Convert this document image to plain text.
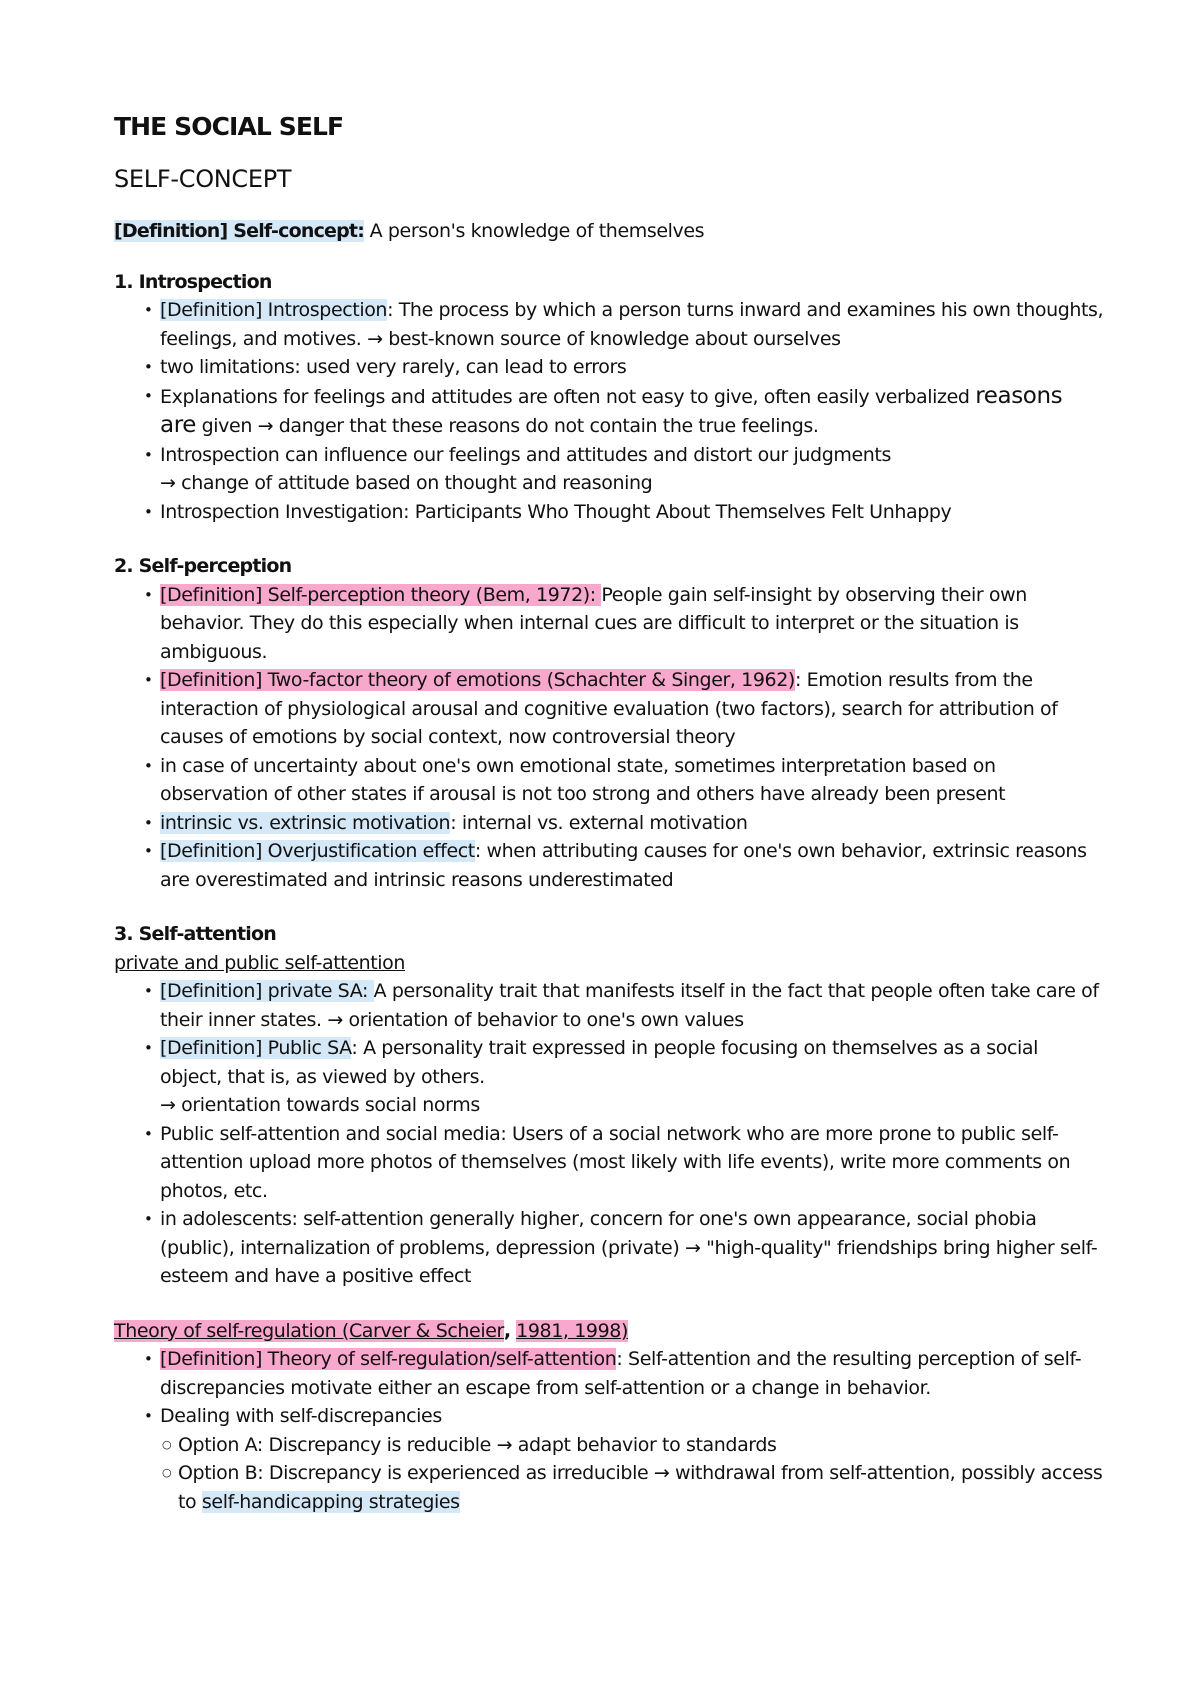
THE SOCIAL SELF
SELF-CONCEPT

[Definition] Self-concept: A person's knowledge of themselves

1. Introspection

• [Definition] Introspection: The process by which a person turns inward and examines his own thoughts, feelings, and motives. → best-known source of knowledge about ourselves
• two limitations: used very rarely, can lead to errors
• Explanations for feelings and attitudes are often not easy to give, often easily verbalized reasons are given → danger that these reasons do not contain the true feelings.
• Introspection can influence our feelings and attitudes and distort our judgments
→ change of attitude based on thought and reasoning
• Introspection Investigation: Participants Who Thought About Themselves Felt Unhappy

2. Self-perception

• [Definition] Self-perception theory (Bem, 1972): People gain self-insight by observing their own behavior. They do this especially when internal cues are difficult to interpret or the situation is ambiguous.
• [Definition] Two-factor theory of emotions (Schachter & Singer, 1962): Emotion results from the interaction of physiological arousal and cognitive evaluation (two factors), search for attribution of causes of emotions by social context, now controversial theory
• in case of uncertainty about one's own emotional state, sometimes interpretation based on observation of other states if arousal is not too strong and others have already been present
• intrinsic vs. extrinsic motivation: internal vs. external motivation
• [Definition] Overjustification effect: when attributing causes for one's own behavior, extrinsic reasons are overestimated and intrinsic reasons underestimated

3. Self-attention

private and public self-attention

• [Definition] private SA: A personality trait that manifests itself in the fact that people often take care of their inner states. → orientation of behavior to one's own values
• [Definition] Public SA: A personality trait expressed in people focusing on themselves as a social object, that is, as viewed by others.
→ orientation towards social norms
• Public self-attention and social media: Users of a social network who are more prone to public self-attention upload more photos of themselves (most likely with life events), write more comments on photos, etc.
• in adolescents: self-attention generally higher, concern for one's own appearance, social phobia (public), internalization of problems, depression (private) → "high-quality" friendships bring higher self-esteem and have a positive effect

Theory of self-regulation (Carver & Scheier, 1981, 1998)

• [Definition] Theory of self-regulation/self-attention: Self-attention and the resulting perception of self-discrepancies motivate either an escape from self-attention or a change in behavior.
• Dealing with self-discrepancies
○ Option A: Discrepancy is reducible → adapt behavior to standards
○ Option B: Discrepancy is experienced as irreducible → withdrawal from self-attention, possibly access to self-handicapping strategies
